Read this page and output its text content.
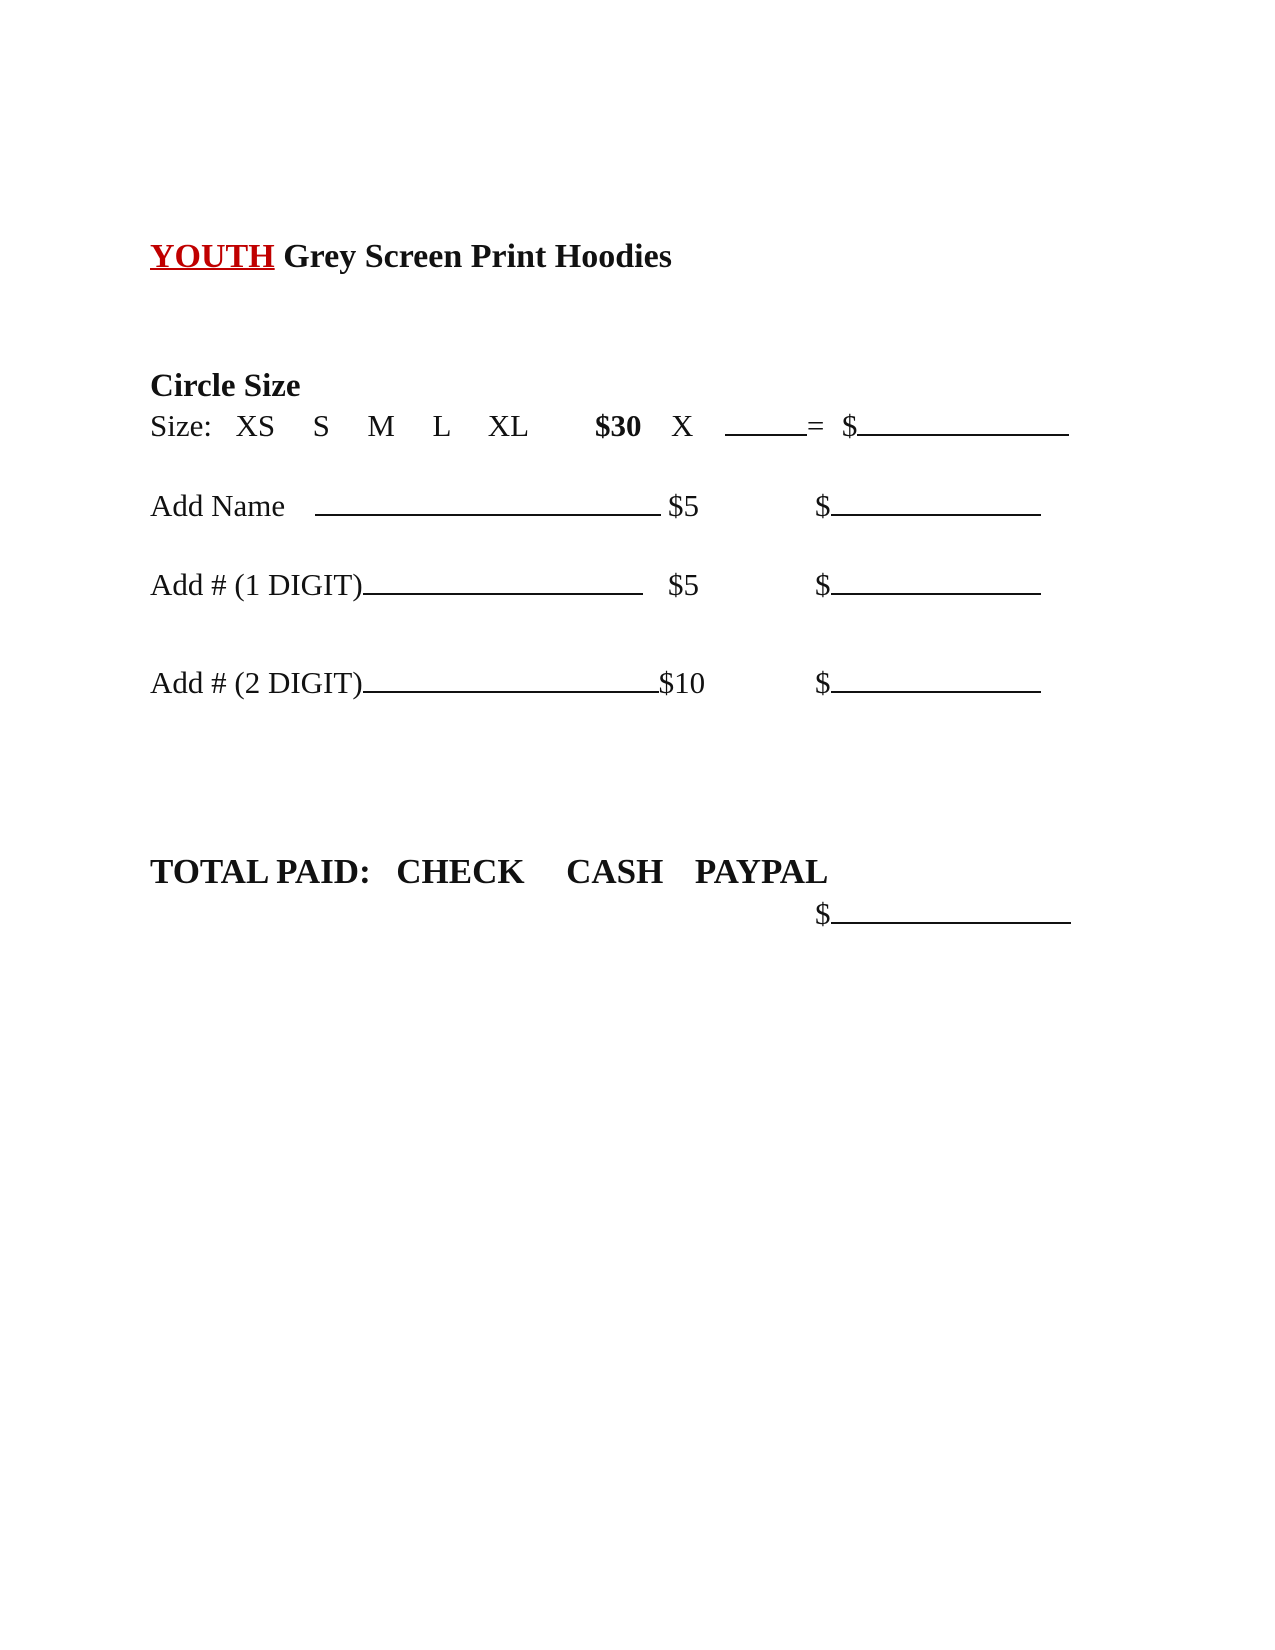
YOUTH Grey Screen Print Hoodies
Circle Size
Size: XS S M L XL $30 X	= $
Add Name	$5	$
Add # (1 DIGIT)	$5	$
Add # (2 DIGIT)	$10	$
TOTAL PAID: CHECK CASH PAYPAL
$
